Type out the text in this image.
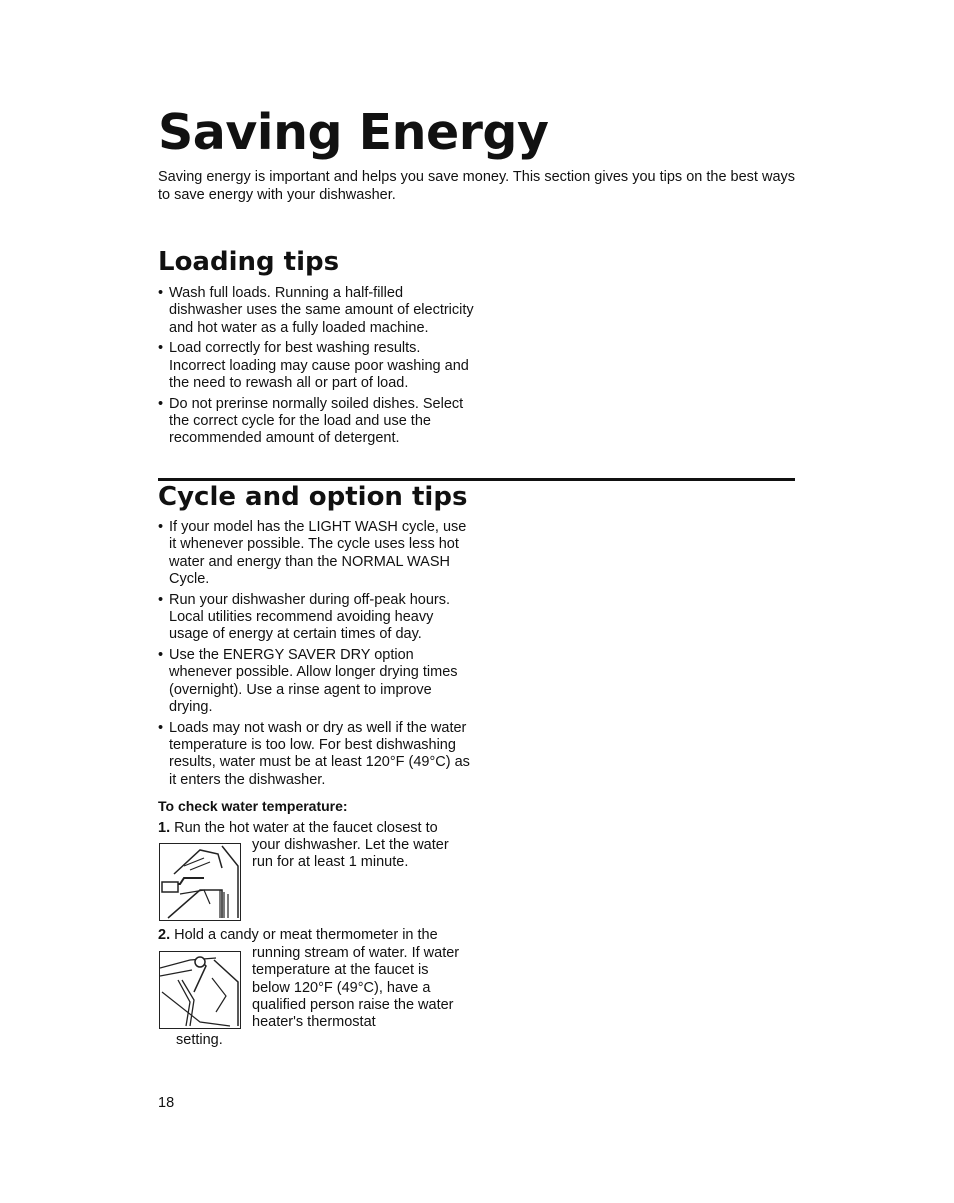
Saving Energy

Saving energy is important and helps you save money. This section gives you tips on the best ways to save energy with your dishwasher.

Loading tips
• Wash full loads. Running a half-filled dishwasher uses the same amount of electricity and hot water as a fully loaded machine.
• Load correctly for best washing results. Incorrect loading may cause poor washing and the need to rewash all or part of load.
• Do not prerinse normally soiled dishes. Select the correct cycle for the load and use the recommended amount of detergent.
Cycle and option tips
• If your model has the LIGHT WASH cycle, use it whenever possible. The cycle uses less hot water and energy than the NORMAL WASH Cycle.
• Run your dishwasher during off-peak hours. Local utilities recommend avoiding heavy usage of energy at certain times of day.
• Use the ENERGY SAVER DRY option whenever possible. Allow longer drying times (overnight). Use a rinse agent to improve drying.
• Loads may not wash or dry as well if the water temperature is too low. For best dishwashing results, water must be at least 120°F (49°C) as it enters the dishwasher.

To check water temperature:

1. Run the hot water at the faucet closest to

your dishwasher. Let the water run for at least 1 minute.

2. Hold a candy or meat thermometer in the

running stream of water. If water temperature at the faucet is below 120°F (49°C), have a qualified person raise the water heater's thermostat

setting.

18
